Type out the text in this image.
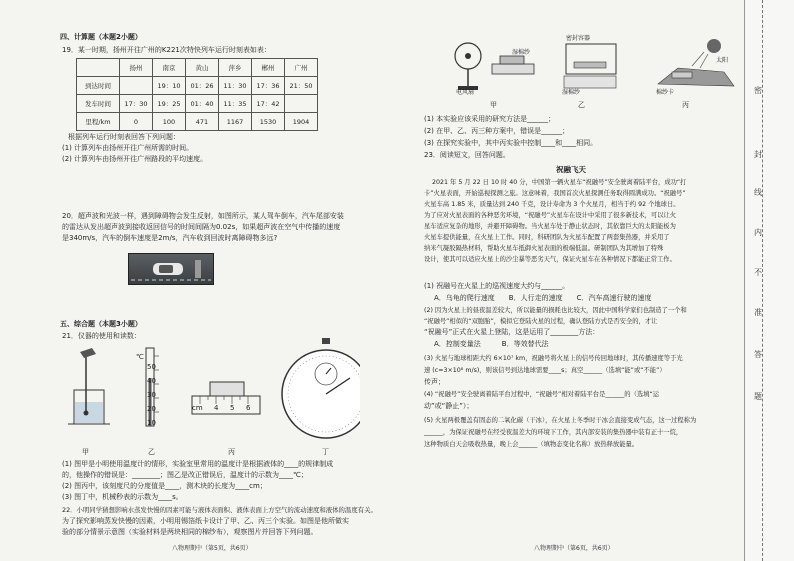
四、计算题（本题2小题）
19．某一时期，扬州开往广州的K221次特快列车运行时刻表如表：
	扬州	南京	黄山	萍乡	郴州	广州
到达时间		19：10	01：26	11：30	17：36	21：50
发车时间	17：30	19：25	01：40	11：35	17：42	
里程/km	0	100	471	1167	1530	1904
根据列车运行时刻表回答下列问题：
(1) 计算列车由扬州开往广州所需的时间。
(2) 计算列车由扬州开往广州路段的平均速度。
20．超声波和光波一样，遇到障碍物会发生反射，如图所示，某人驾车倒车，汽车尾部安装
的雷达从发出超声波到接收返回信号的时间间隔为0.02s，如果超声波在空气中传播的速度
是340m/s，汽车的倒车速度是2m/s，汽车收到回波时离障碍物多远?
五、综合题（本题3小题）
21．仪器的使用和读数：
℃
50
40
30
20
10
4 5 6
cm
甲	乙	丙	丁
(1) 图甲是小明使用温度计的情形，实验室里常用的温度计是根据液体的____的规律制成
的，他操作的错误是：________；图乙是改正错误后，温度计的示数为____℃；
(2) 图丙中，该刻度尺的分度值是____，测木块的长度为____cm；
(3) 图丁中，机械秒表的示数为____s。
22．小明同学猜想影响水蒸发快慢的因素可能与液体表面积、液体表面上方空气的流动速度和液体的温度有关。
为了探究影响蒸发快慢的因素，小明用锡箔纸卡设计了甲、乙、丙三个实验。如图是他所做实
验的部分情景示意图（实验材料是两块相同的棉纱布），观察图片并回答下列问题。
八物理期中（第5页，共6页）
电风扇
湿棉纱
密封容器
湿棉纱
太阳
棉纱卡
甲	乙	丙
(1) 本实验应该采用的研究方法是______；
(2) 在甲、乙、丙三种方案中，错误是______；
(3) 在探究实验中，其中丙实验中控制____和____相同。
23．阅读短文，回答问题。
祝融飞天
2021 年 5 月 22 日 10 时 40 分，中国第一辆火星车“祝融号”安全驶离着陆平台，成功“打
卡”火星表面，开始巡视探测之旅。这意味着，我国首次火星探测任务取得圆满成功。“祝融号”
火星车高 1.85 米，质量达到 240 千克，设计寿命为 3 个火星月，相当于约 92 个地球日。
为了应对火星表面的各种恶劣环境，“祝融号”火星车在设计中采用了很多新技术，可以让火
星车适应复杂的地形，并避开障碍物。当火星车处于静止状态时，其依靠巨大的太阳能板为
火星车提供能量，在火星上工作。同时，科研团队为火星车配置了两套集热器，并采用了
纳米气凝胶隔热材料，帮助火星车抵御火星表面的极端低温。研制团队为其增加了特殊
设计，使其可以适应火星上的沙尘暴等恶劣天气，保证火星车在各种情况下都能正常工作。
(1) 祝融号在火星上的巡视速度大约与______。
A．乌龟的爬行速度　　B．人行走的速度　　C．汽车高速行驶的速度
(2) 因为火星上的昼夜温差较大，所以能量的损耗也比较大，因此中国科学家们也制造了一个和
“祝融号”相似的“双胞胎”，模拟它登陆火星的过程，确认登陆方式是否安全的，才让
“祝融号”正式在火星上登陆，这是运用了________方法：
A．控制变量法　　　B．等效替代法
(3) 火星与地球相距大约 6×10⁷ km，祝融号将火星上的信号传回地球时，其传播速度等于光
速 (c=3×10⁸ m/s)，则该信号到达地球需要____s；真空______（选填“能”或“不能”）
传声；
(4) “祝融号”安全驶离着陆平台过程中，“祝融号”相对着陆平台是______的（选填“运
动”或“静止”）；
(5) 火星两极覆盖有固态的二氧化碳（干冰），在火星上冬季时干冰会直接变成气态，这一过程称为
______，为保证祝融号在经受夜温差大的环境下工作，其内部安装的集热器中装有正十一烷，
这种物质白天会吸收热量，晚上会______（填物态变化名称）放热释放能量。
八物理期中（第6页，共6页）
密
封
线
内
不
准
答
题
